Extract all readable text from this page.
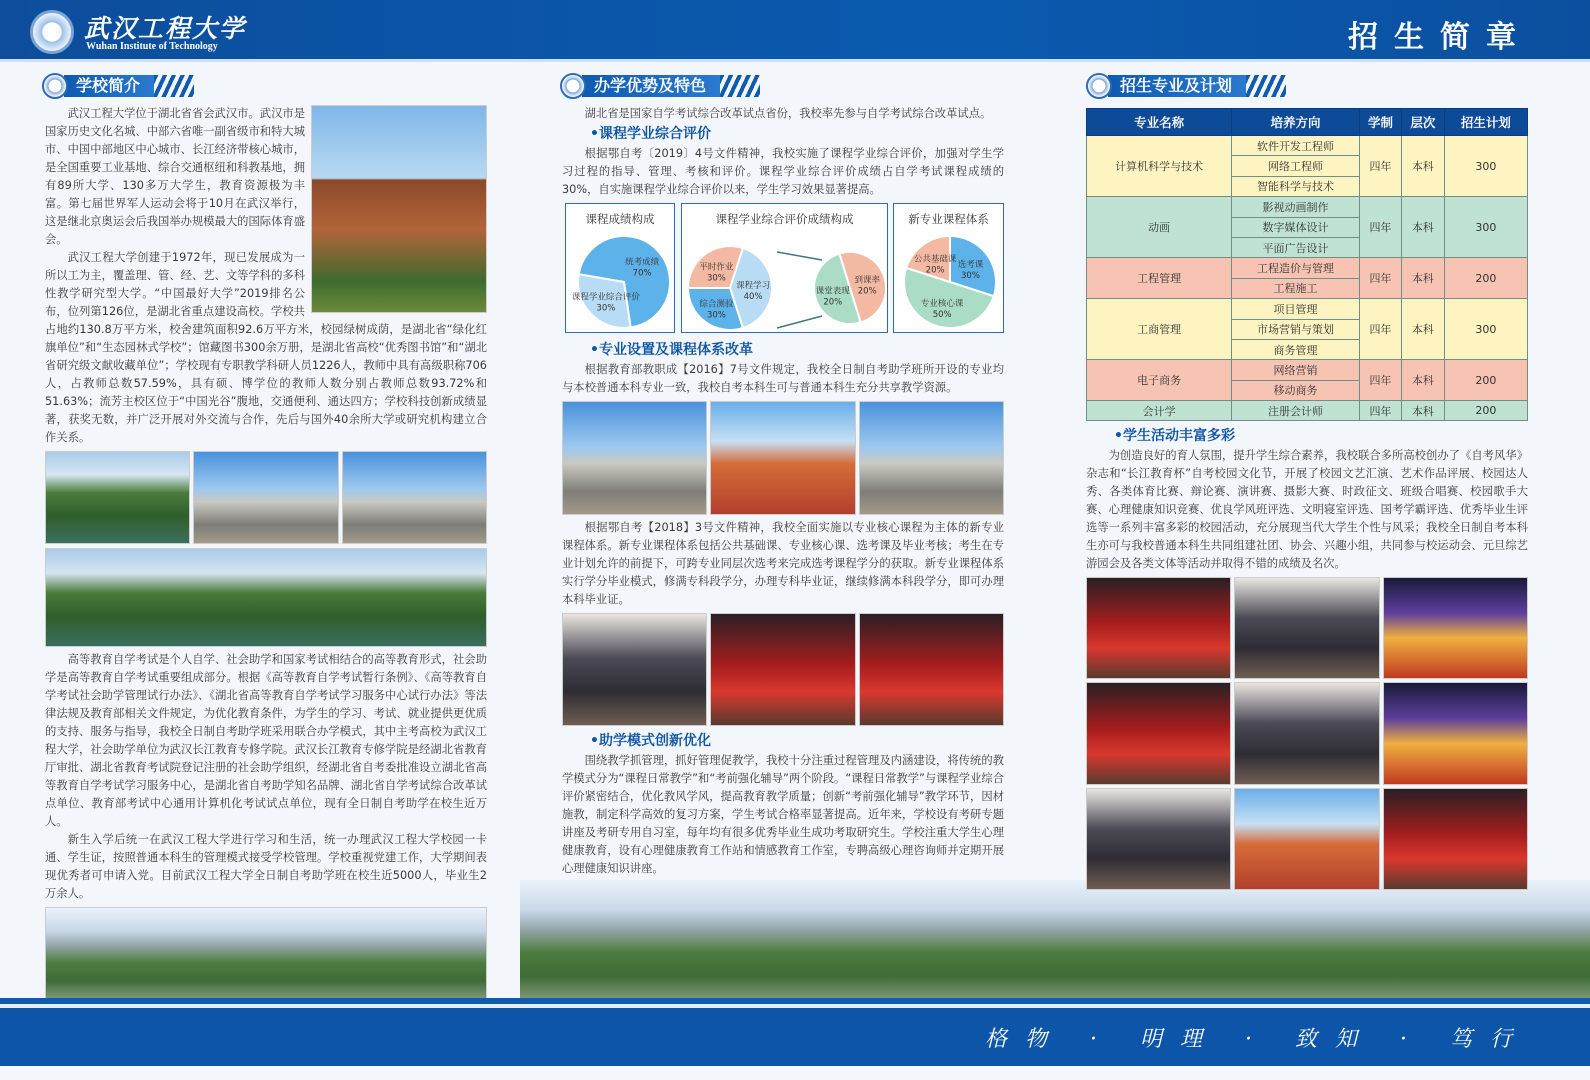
武汉工程大学
Wuhan Institute of Technology	招生简章
学校简介	办学优势及特色	招生专业及计划

武汉工程大学位于湖北省省会武汉市。武汉市是国家历史文化名城、中部六省唯一副省级市和特大城市、中国中部地区中心城市、长江经济带核心城市，是全国重要工业基地、综合交通枢纽和科教基地，拥有89所大学、130多万大学生，教育资源极为丰富。第七届世界军人运动会将于10月在武汉举行，这是继北京奥运会后我国举办规模最大的国际体育盛会。

武汉工程大学创建于1972年，现已发展成为一所以工为主，覆盖理、管、经、艺、文等学科的多科性教学研究型大学。“中国最好大学”2019排名公布，位列第126位，是湖北省重点建设高校。学校共占地约130.8万平方米，校舍建筑面积92.6万平方米，校园绿树成荫，是湖北省“绿化红旗单位”和“生态园林式学校”；馆藏图书300余万册，是湖北省高校“优秀图书馆”和“湖北省研究级文献收藏单位”；学校现有专职教学科研人员1226人，教师中具有高级职称706人，占教师总数57.59%，具有硕、博学位的教师人数分别占教师总数93.72%和51.63%；流芳主校区位于“中国光谷”腹地，交通便利、通达四方；学校科技创新成绩显著，获奖无数，并广泛开展对外交流与合作，先后与国外40余所大学或研究机构建立合作关系。

高等教育自学考试是个人自学、社会助学和国家考试相结合的高等教育形式，社会助学是高等教育自学考试重要组成部分。根据《高等教育自学考试暂行条例》、《高等教育自学考试社会助学管理试行办法》、《湖北省高等教育自学考试学习服务中心试行办法》等法律法规及教育部相关文件规定，为优化教育条件，为学生的学习、考试、就业提供更优质的支持、服务与指导，我校全日制自考助学班采用联合办学模式，其中主考高校为武汉工程大学，社会助学单位为武汉长江教育专修学院。武汉长江教育专修学院是经湖北省教育厅审批、湖北省教育考试院登记注册的社会助学组织，经湖北省自考委批准设立湖北省高等教育自学考试学习服务中心，是湖北省自考助学知名品牌、湖北省自学考试综合改革试点单位、教育部考试中心通用计算机化考试试点单位，现有全日制自考助学在校生近万人。

新生入学后统一在武汉工程大学进行学习和生活，统一办理武汉工程大学校园一卡通、学生证，按照普通本科生的管理模式接受学校管理。学校重视党建工作，大学期间表现优秀者可申请入党。目前武汉工程大学全日制自考助学班在校生近5000人，毕业生2万余人。

湖北省是国家自学考试综合改革试点省份，我校率先参与自学考试综合改革试点。

•课程学业综合评价

根据鄂自考〔2019〕4号文件精神，我校实施了课程学业综合评价，加强对学生学习过程的指导、管理、考核和评价。课程学业综合评价成绩占自学考试课程成绩的30%，自实施课程学业综合评价以来，学生学习效果显著提高。

课程成绩构成
统考成绩
70%
课程学业综合评价
30%
课程学业综合评价成绩构成
平时作业
30%
课程学习
40%
综合测验
30%
到课率
20%
课堂表现
20%
新专业课程体系
选考课
30%
专业核心课
50%
公共基础课
20%
•专业设置及课程体系改革

根据教育部教职成【2016】7号文件规定，我校全日制自考助学班所开设的专业均与本校普通本科专业一致，我校自考本科生可与普通本科生充分共享教学资源。

根据鄂自考【2018】3号文件精神，我校全面实施以专业核心课程为主体的新专业课程体系。新专业课程体系包括公共基础课、专业核心课、选考课及毕业考核；考生在专业计划允许的前提下，可跨专业同层次选考来完成选考课程学分的获取。新专业课程体系实行学分毕业模式，修满专科段学分，办理专科毕业证，继续修满本科段学分，即可办理本科毕业证。

•助学模式创新优化

围绕教学抓管理，抓好管理促教学，我校十分注重过程管理及内涵建设，将传统的教学模式分为“课程日常教学”和“考前强化辅导”两个阶段。“课程日常教学”与课程学业综合评价紧密结合，优化教风学风，提高教育教学质量；创新“考前强化辅导”教学环节，因材施教，制定科学高效的复习方案，学生考试合格率显著提高。近年来，学校设有考研专题讲座及考研专用自习室，每年均有很多优秀毕业生成功考取研究生。学校注重大学生心理健康教育，设有心理健康教育工作站和情感教育工作室，专聘高级心理咨询师并定期开展心理健康知识讲座。

专业名称	培养方向	学制	层次	招生计划
计算机科学与技术	软件开发工程师	四年	本科	300
	网络工程师			
	智能科学与技术			
动画	影视动画制作	四年	本科	300
	数字媒体设计			
	平面广告设计			
工程管理	工程造价与管理	四年	本科	200
	工程施工			
工商管理	项目管理	四年	本科	300
	市场营销与策划			
	商务管理			
电子商务	网络营销	四年	本科	200
	移动商务			
会计学	注册会计师	四年	本科	200
•学生活动丰富多彩

为创造良好的育人氛围，提升学生综合素养，我校联合多所高校创办了《自考风华》杂志和“长江教育杯”自考校园文化节，开展了校园文艺汇演、艺术作品评展、校园达人秀、各类体育比赛、辩论赛、演讲赛、摄影大赛、时政征文、班级合唱赛、校园歌手大赛、心理健康知识竞赛、优良学风班评选、文明寝室评选、国考学霸评选、优秀毕业生评选等一系列丰富多彩的校园活动，充分展现当代大学生个性与风采；我校全日制自考本科生亦可与我校普通本科生共同组建社团、协会、兴趣小组，共同参与校运动会、元旦综艺游园会及各类文体等活动并取得不错的成绩及名次。

格物 · 明理 · 致知 · 笃行
